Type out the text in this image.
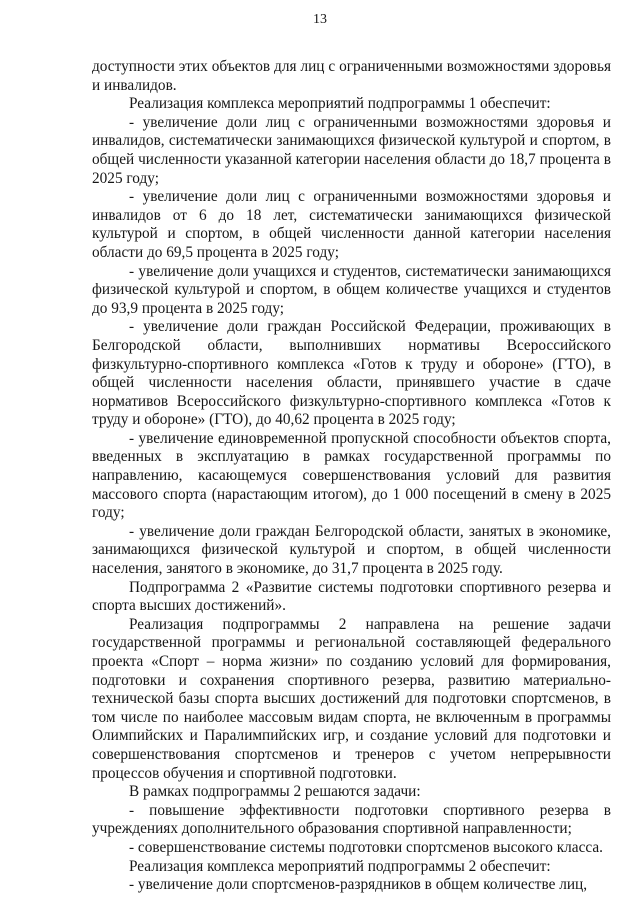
13

доступности этих объектов для лиц с ограниченными возможностями здоровья и инвалидов.

Реализация комплекса мероприятий подпрограммы 1 обеспечит:

- увеличение доли лиц с ограниченными возможностями здоровья и инвалидов, систематически занимающихся физической культурой и спортом, в общей численности указанной категории населения области до 18,7 процента в 2025 году;

- увеличение доли лиц с ограниченными возможностями здоровья и инвалидов от 6 до 18 лет, систематически занимающихся физической культурой и спортом, в общей численности данной категории населения области до 69,5 процента в 2025 году;

- увеличение доли учащихся и студентов, систематически занимающихся физической культурой и спортом, в общем количестве учащихся и студентов до 93,9 процента в 2025 году;

- увеличение доли граждан Российской Федерации, проживающих в Белгородской области, выполнивших нормативы Всероссийского физкультурно-спортивного комплекса «Готов к труду и обороне» (ГТО), в общей численности населения области, принявшего участие в сдаче нормативов Всероссийского физкультурно-спортивного комплекса «Готов к труду и обороне» (ГТО), до 40,62 процента в 2025 году;

- увеличение единовременной пропускной способности объектов спорта, введенных в эксплуатацию в рамках государственной программы по направлению, касающемуся совершенствования условий для развития массового спорта (нарастающим итогом), до 1 000 посещений в смену в 2025 году;

- увеличение доли граждан Белгородской области, занятых в экономике, занимающихся физической культурой и спортом, в общей численности населения, занятого в экономике, до 31,7 процента в 2025 году.

Подпрограмма 2 «Развитие системы подготовки спортивного резерва и спорта высших достижений».

Реализация подпрограммы 2 направлена на решение задачи государственной программы и региональной составляющей федерального проекта «Спорт – норма жизни» по созданию условий для формирования, подготовки и сохранения спортивного резерва, развитию материально-технической базы спорта высших достижений для подготовки спортсменов, в том числе по наиболее массовым видам спорта, не включенным в программы Олимпийских и Паралимпийских игр, и создание условий для подготовки и совершенствования спортсменов и тренеров с учетом непрерывности процессов обучения и спортивной подготовки.

В рамках подпрограммы 2 решаются задачи:

- повышение эффективности подготовки спортивного резерва в учреждениях дополнительного образования спортивной направленности;

- совершенствование системы подготовки спортсменов высокого класса.

Реализация комплекса мероприятий подпрограммы 2 обеспечит:

- увеличение доли спортсменов-разрядников в общем количестве лиц,
